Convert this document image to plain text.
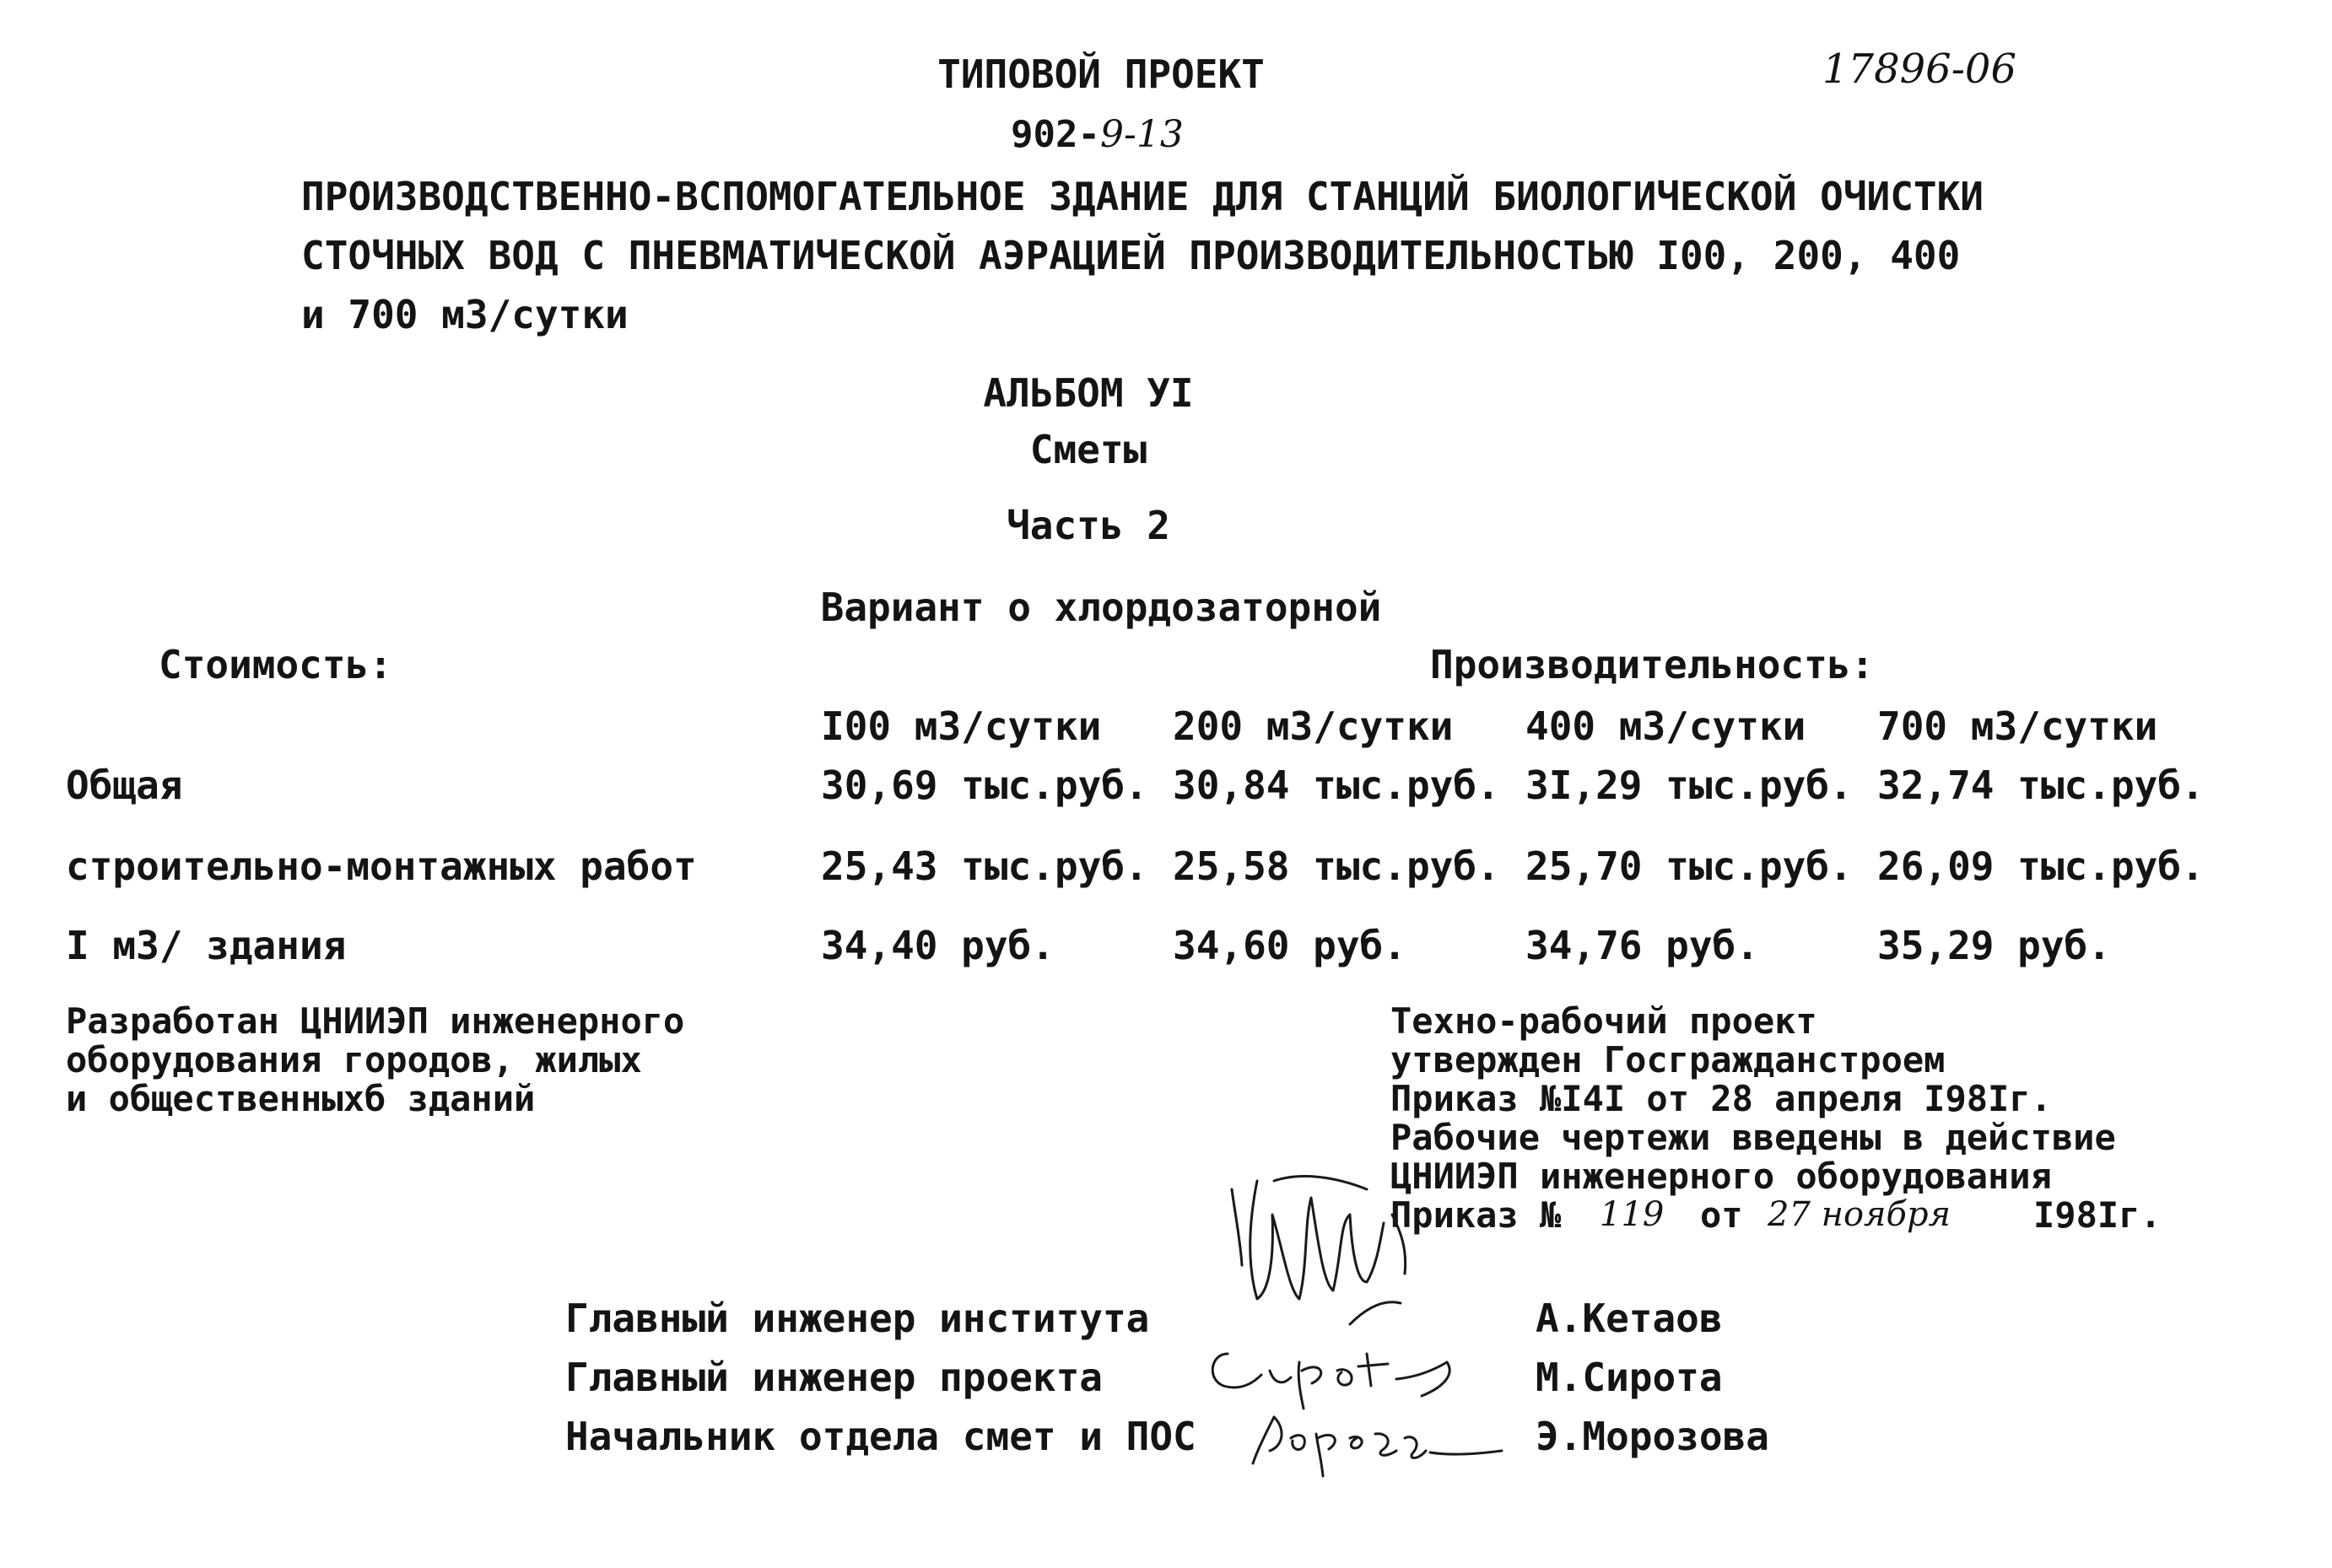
ТИПОВОЙ ПРОЕКТ	17896-06
902-9-13
ПРОИЗВОДСТВЕННО-ВСПОМОГАТЕЛЬНОЕ ЗДАНИЕ ДЛЯ СТАНЦИЙ БИОЛОГИЧЕСКОЙ ОЧИСТКИ
СТОЧНЫХ ВОД С ПНЕВМАТИЧЕСКОЙ АЭРАЦИЕЙ ПРОИЗВОДИТЕЛЬНОСТЬЮ I00, 200, 400
и 700 м3/сутки
АЛЬБОМ УI
Сметы
Часть 2
Вариант о хлордозаторной
Стоимость:	Производительность:
I00 м3/сутки 200 м3/сутки 400 м3/сутки 700 м3/сутки
Общая	30,69 тыс.руб. 30,84 тыс.руб. 3I,29 тыс.руб. 32,74 тыс.руб.
строительно-монтажных работ	25,43 тыс.руб. 25,58 тыс.руб. 25,70 тыс.руб. 26,09 тыс.руб.
I м3/ здания	34,40 руб.	34,60 руб.	34,76 руб.	35,29 руб.
Разработан ЦНИИЭП инженерного
оборудования городов, жилых
и общественныхб зданий
Техно-рабочий проект
утвержден Госгражданстроем
Приказ №I4I от 28 апреля I98Iг.
Рабочие чертежи введены в действие
ЦНИИЭП инженерного оборудования
Приказ № 119 от 27 ноября I98Iг.
Главный инженер института	А.Кетаов
Главный инженер проекта	М.Сирота
Начальник отдела смет и ПОС	Э.Морозова
